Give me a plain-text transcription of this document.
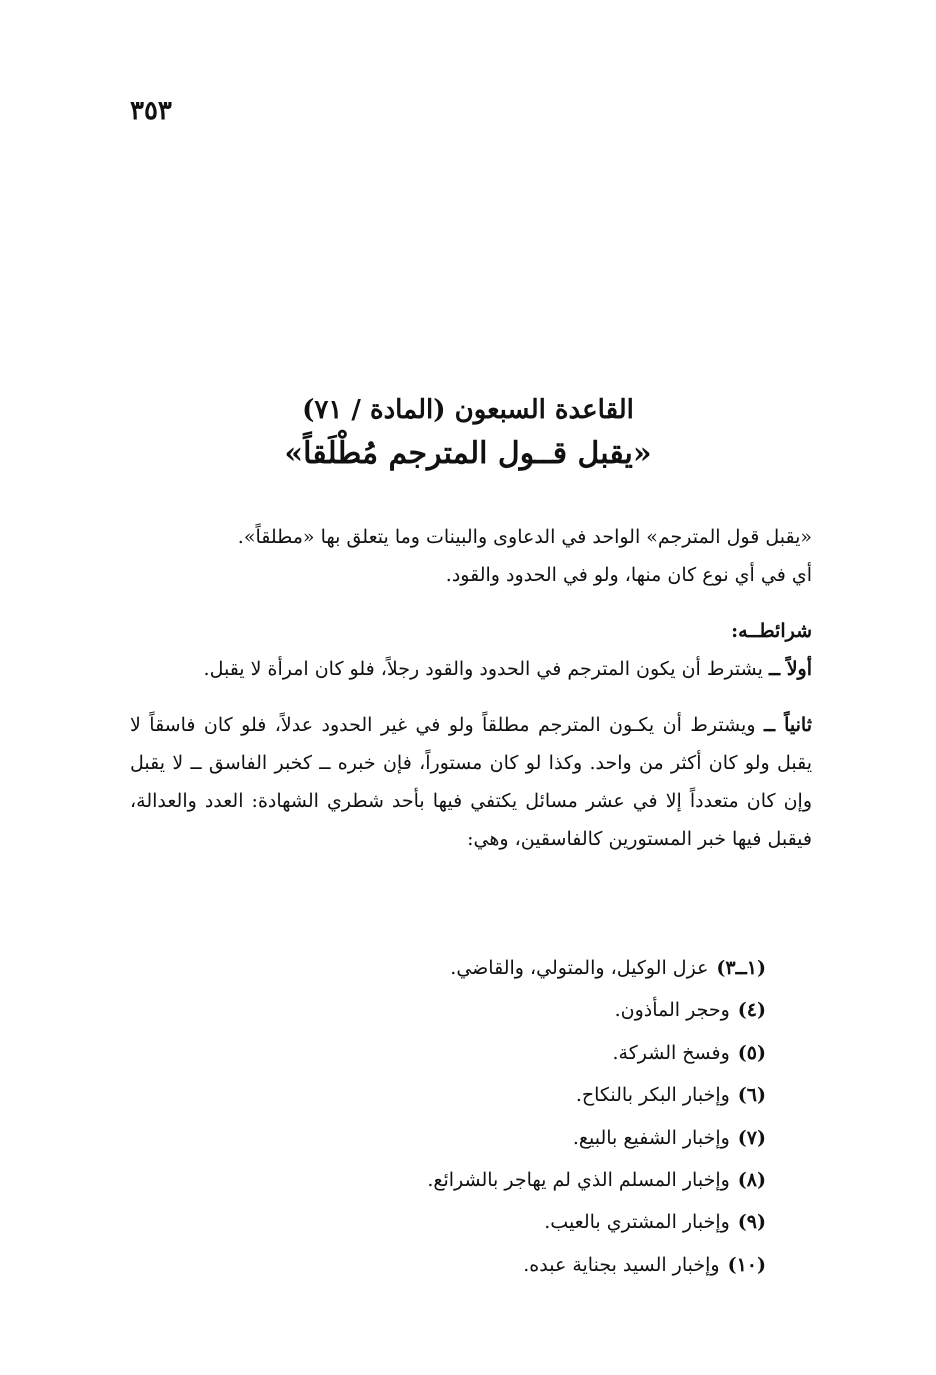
٣٥٣
القاعدة السبعون (المادة / ٧١)
«يقبل قــول المترجم مُطْلَقاً»

«يقبل قول المترجم» الواحد في الدعاوى والبينات وما يتعلق بها «مطلقاً».

أي في أي نوع كان منها، ولو في الحدود والقود.

شرائطــه:

أولاً ــ يشترط أن يكون المترجم في الحدود والقود رجلاً، فلو كان امرأة لا يقبل.

ثانياً ــ ويشترط أن يكـون المترجم مطلقاً ولو في غير الحدود عدلاً، فلو كان فاسقاً لا يقبل ولو كان أكثر من واحد. وكذا لو كان مستوراً، فإن خبره ــ كخبر الفاسق ــ لا يقبل وإن كان متعدداً إلا في عشر مسائل يكتفي فيها بأحد شطري الشهادة: العدد والعدالة، فيقبل فيها خبر المستورين كالفاسقين، وهي:

(١ــ٣)عزل الوكيل، والمتولي، والقاضي.
(٤)وحجر المأذون.
(٥)وفسخ الشركة.
(٦)وإخبار البكر بالنكاح.
(٧)وإخبار الشفيع بالبيع.
(٨)وإخبار المسلم الذي لم يهاجر بالشرائع.
(٩)وإخبار المشتري بالعيب.
(١٠)وإخبار السيد بجناية عبده.
